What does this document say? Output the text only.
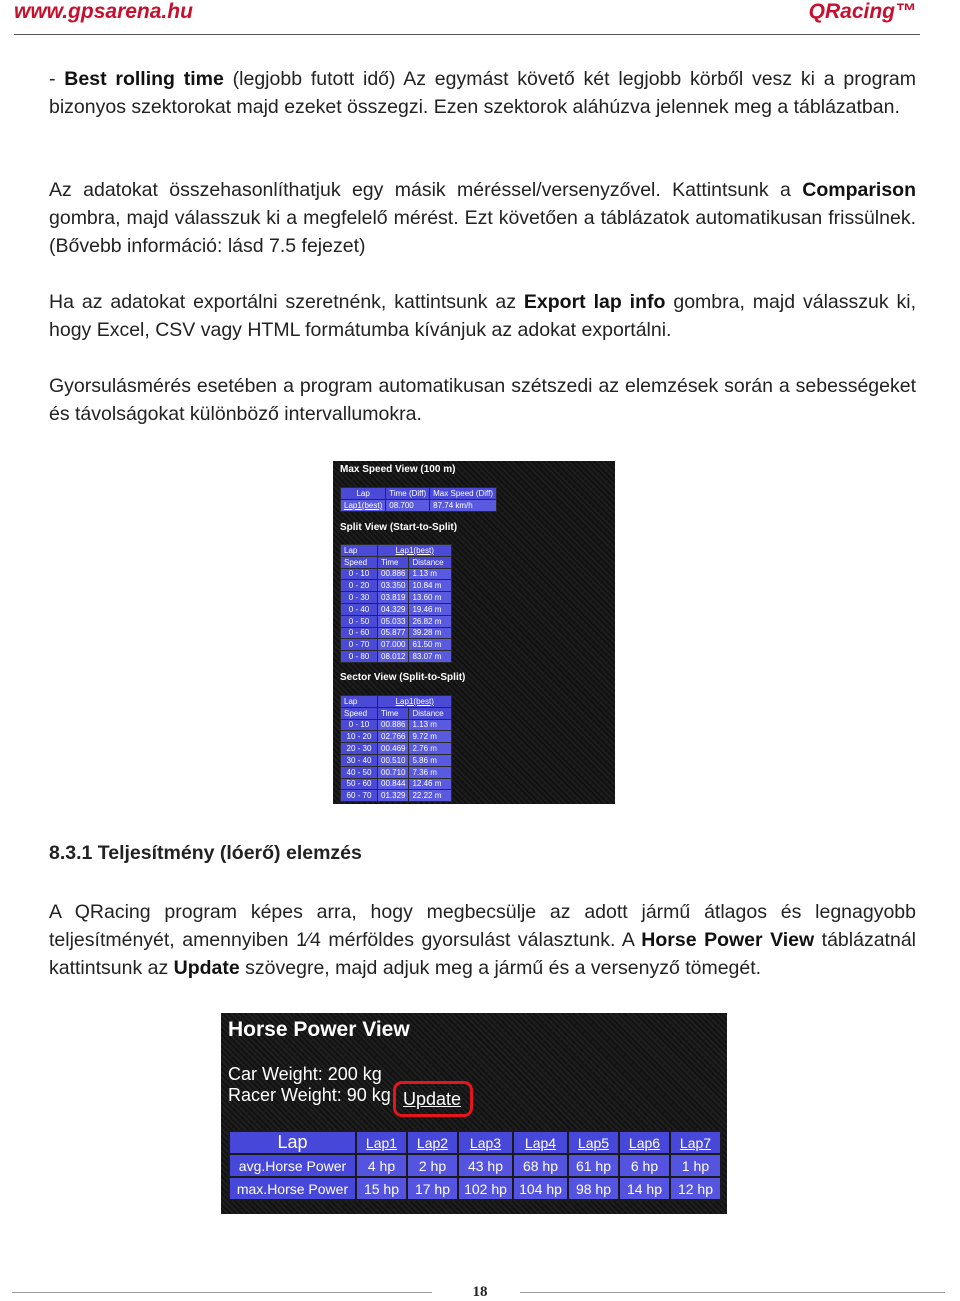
www.gpsarena.hu	QRacing™
- Best rolling time (legjobb futott idő) Az egymást követő két legjobb körből vesz ki a program bizonyos szektorokat majd ezeket összegzi. Ezen szektorok aláhúzva jelennek meg a táblázatban.
Az adatokat összehasonlíthatjuk egy másik méréssel/versenyzővel. Kattintsunk a Comparison gombra, majd válasszuk ki a megfelelő mérést. Ezt követően a táblázatok automatikusan frissülnek. (Bővebb információ: lásd 7.5 fejezet)
Ha az adatokat exportálni szeretnénk, kattintsunk az Export lap info gombra, majd válasszuk ki, hogy Excel, CSV vagy HTML formátumba kívánjuk az adokat exportálni.
Gyorsulásmérés esetében a program automatikusan szétszedi az elemzések során a sebességeket és távolságokat különböző intervallumokra.
Max Speed View (100 m)
Lap	Time (Diff)	Max Speed (Diff)
Lap1(best)	08.700	87.74 km/h
Split View (Start-to-Split)
Lap	Lap1(best)	
Speed	Time	Distance
0 - 10	00.886	1.13 m
0 - 20	03.350	10.84 m
0 - 30	03.819	13.60 m
0 - 40	04.329	19.46 m
0 - 50	05.033	26.82 m
0 - 60	05.877	39.28 m
0 - 70	07.000	61.50 m
0 - 80	08.012	83.07 m
Sector View (Split-to-Split)
Lap	Lap1(best)	
Speed	Time	Distance
0 - 10	00.886	1.13 m
10 - 20	02.766	9.72 m
20 - 30	00.469	2.76 m
30 - 40	00.510	5.86 m
40 - 50	00.710	7.36 m
50 - 60	00.844	12.46 m
60 - 70	01.329	22.22 m
8.3.1 Teljesítmény (lóerő) elemzés
A QRacing program képes arra, hogy megbecsülje az adott jármű átlagos és legnagyobb teljesítményét, amennyiben 1⁄4 mérföldes gyorsulást választunk. A Horse Power View táblázatnál kattintsunk az Update szövegre, majd adjuk meg a jármű és a versenyző tömegét.
Horse Power View
Car Weight: 200 kg
Racer Weight: 90 kg Update
Lap	Lap1	Lap2	Lap3	Lap4	Lap5	Lap6	Lap7
avg.Horse Power	4 hp	2 hp	43 hp	68 hp	61 hp	6 hp	1 hp
max.Horse Power	15 hp	17 hp	102 hp	104 hp	98 hp	14 hp	12 hp
18
